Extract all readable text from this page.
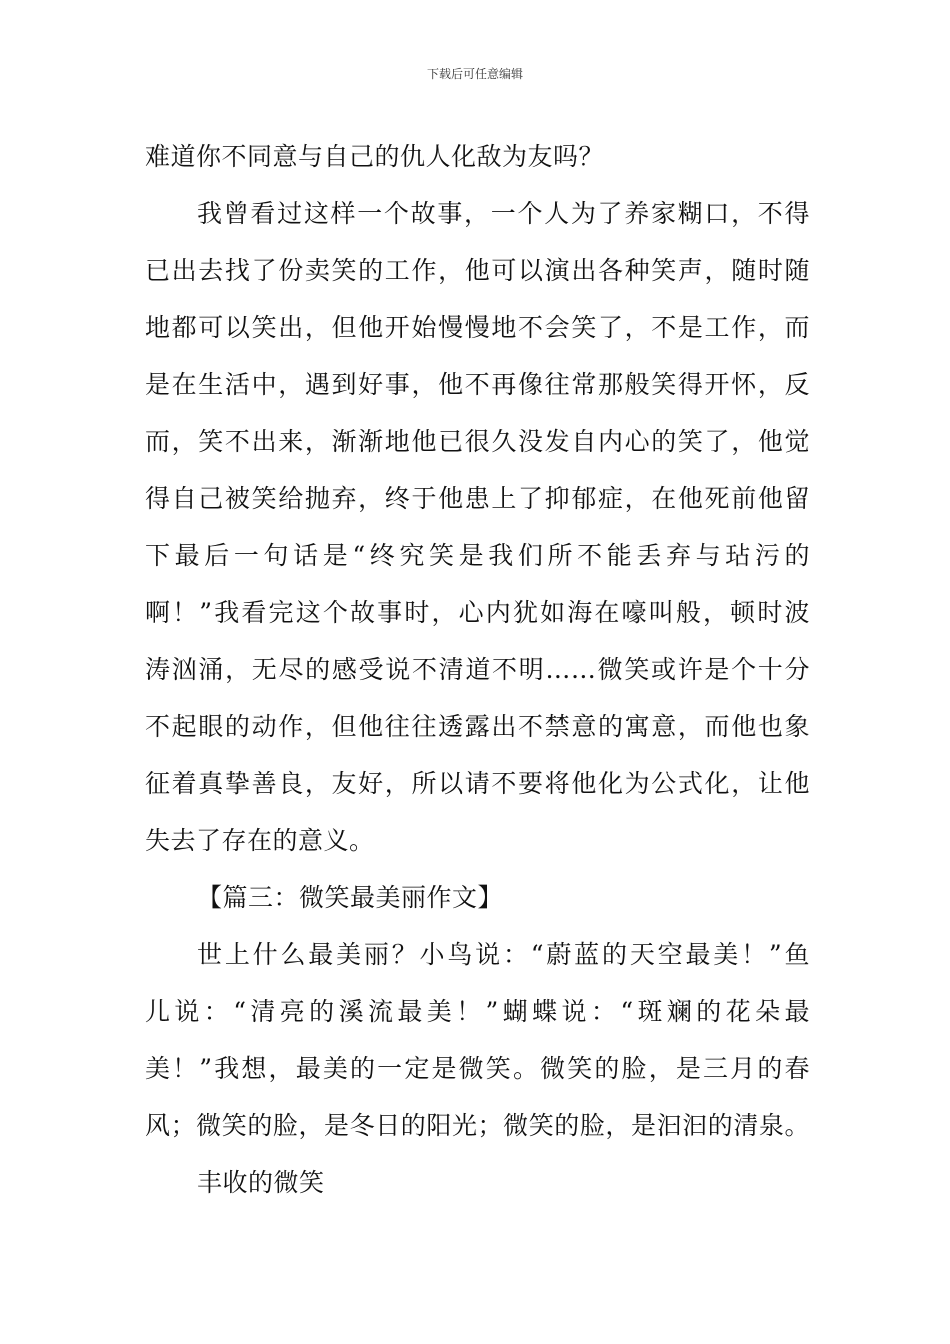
下载后可任意编辑
难道你不同意与自己的仇人化敌为友吗？
我曾看过这样一个故事，一个人为了养家糊口，不得
已出去找了份卖笑的工作，他可以演出各种笑声，随时随
地都可以笑出，但他开始慢慢地不会笑了，不是工作，而
是在生活中，遇到好事，他不再像往常那般笑得开怀，反
而，笑不出来，渐渐地他已很久没发自内心的笑了，他觉
得自己被笑给抛弃，终于他患上了抑郁症，在他死前他留
下最后一句话是“终究笑是我们所不能丢弃与玷污的
啊！”我看完这个故事时，心内犹如海在嚎叫般，顿时波
涛汹涌，无尽的感受说不清道不明……微笑或许是个十分
不起眼的动作，但他往往透露出不禁意的寓意，而他也象
征着真挚善良，友好，所以请不要将他化为公式化，让他
失去了存在的意义。
【篇三：微笑最美丽作文】
世上什么最美丽？小鸟说：“蔚蓝的天空最美！”鱼
儿说：“清亮的溪流最美！”蝴蝶说：“斑斓的花朵最
美！”我想，最美的一定是微笑。微笑的脸，是三月的春
风；微笑的脸，是冬日的阳光；微笑的脸，是汩汩的清泉。
丰收的微笑
